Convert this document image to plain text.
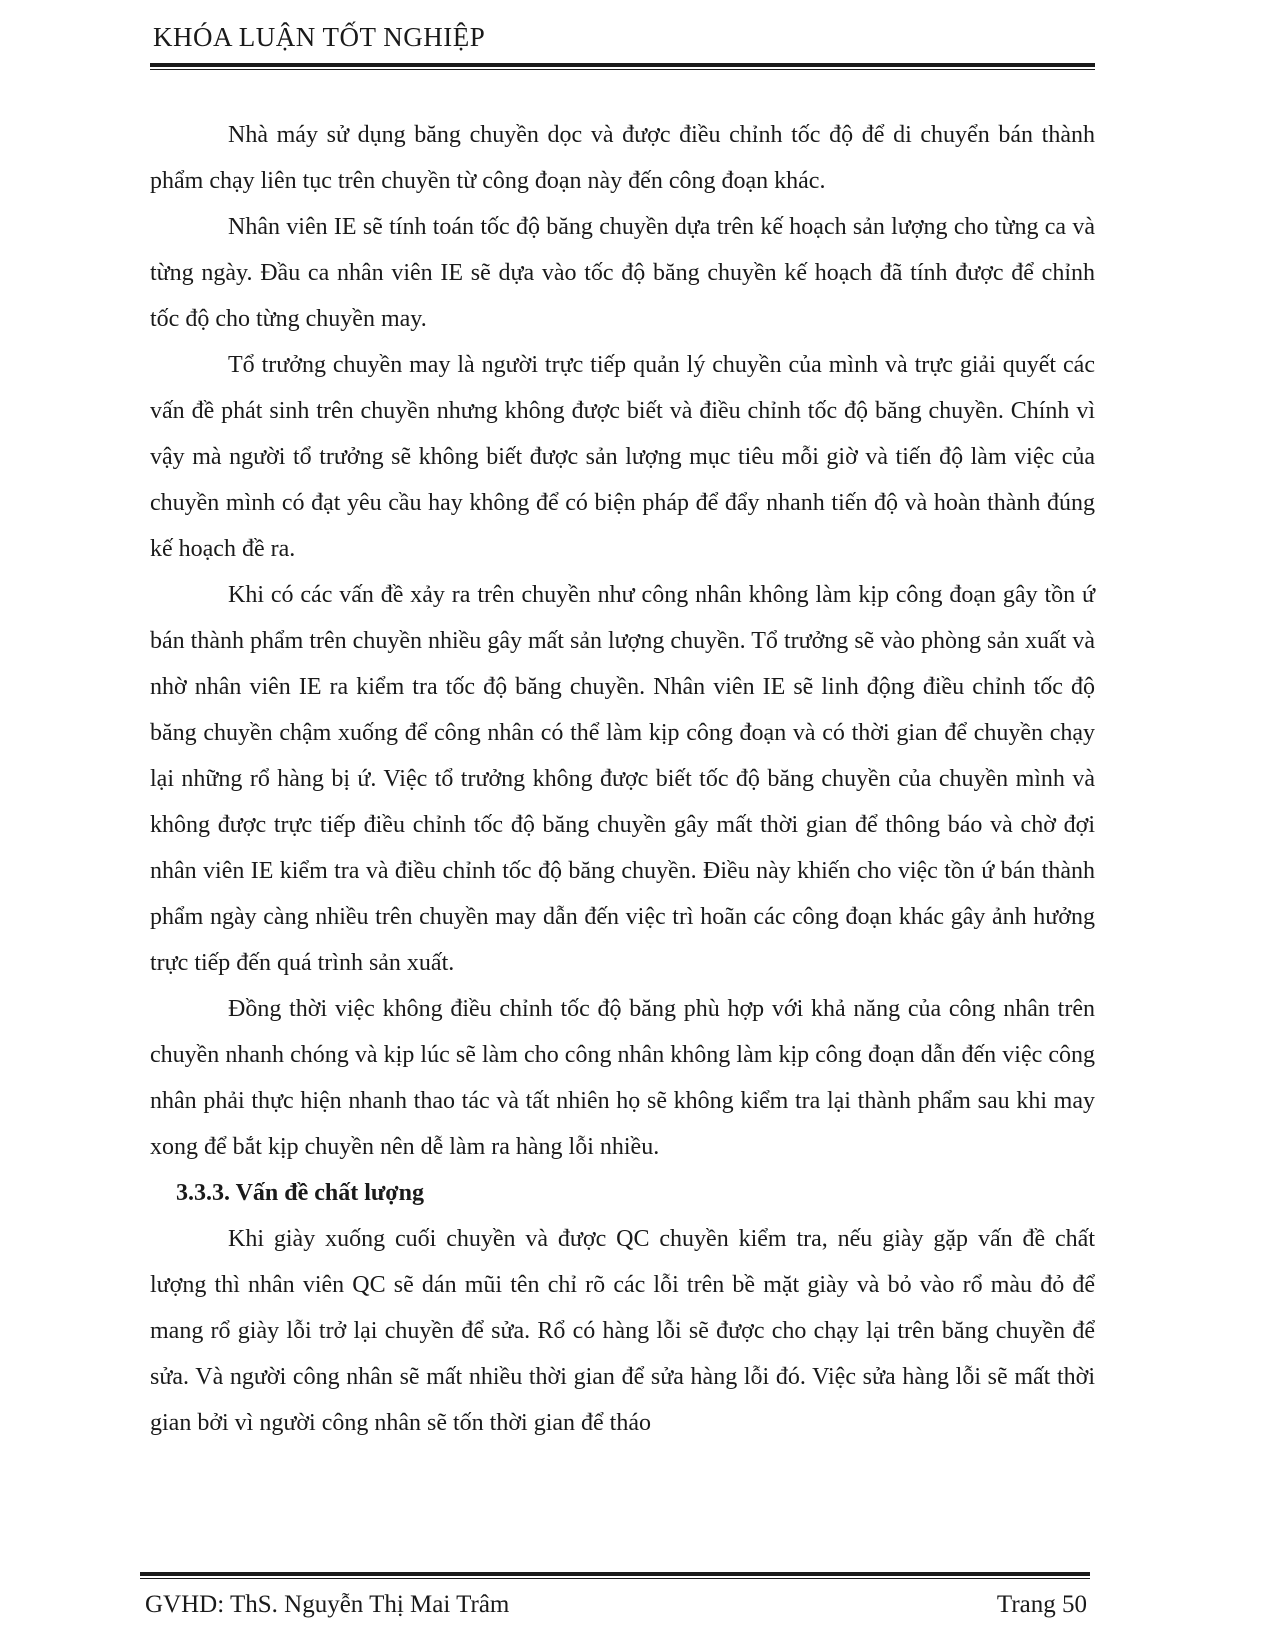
KHÓA LUẬN TỐT NGHIỆP

Nhà máy sử dụng băng chuyền dọc và được điều chỉnh tốc độ để di chuyển bán thành phẩm chạy liên tục trên chuyền từ công đoạn này đến công đoạn khác.

Nhân viên IE sẽ tính toán tốc độ băng chuyền dựa trên kế hoạch sản lượng cho từng ca và từng ngày. Đầu ca nhân viên IE sẽ dựa vào tốc độ băng chuyền kế hoạch đã tính được để chỉnh tốc độ cho từng chuyền may.

Tổ trưởng chuyền may là người trực tiếp quản lý chuyền của mình và trực giải quyết các vấn đề phát sinh trên chuyền nhưng không được biết và điều chỉnh tốc độ băng chuyền. Chính vì vậy mà người tổ trưởng sẽ không biết được sản lượng mục tiêu mỗi giờ và tiến độ làm việc của chuyền mình có đạt yêu cầu hay không để có biện pháp để đẩy nhanh tiến độ và hoàn thành đúng kế hoạch đề ra.

Khi có các vấn đề xảy ra trên chuyền như công nhân không làm kịp công đoạn gây tồn ứ bán thành phẩm trên chuyền nhiều gây mất sản lượng chuyền. Tổ trưởng sẽ vào phòng sản xuất và nhờ nhân viên IE ra kiểm tra tốc độ băng chuyền. Nhân viên IE sẽ linh động điều chỉnh tốc độ băng chuyền chậm xuống để công nhân có thể làm kịp công đoạn và có thời gian để chuyền chạy lại những rổ hàng bị ứ. Việc tổ trưởng không được biết tốc độ băng chuyền của chuyền mình và không được trực tiếp điều chỉnh tốc độ băng chuyền gây mất thời gian để thông báo và chờ đợi nhân viên IE kiểm tra và điều chỉnh tốc độ băng chuyền. Điều này khiến cho việc tồn ứ bán thành phẩm ngày càng nhiều trên chuyền may dẫn đến việc trì hoãn các công đoạn khác gây ảnh hưởng trực tiếp đến quá trình sản xuất.

Đồng thời việc không điều chỉnh tốc độ băng phù hợp với khả năng của công nhân trên chuyền nhanh chóng và kịp lúc sẽ làm cho công nhân không làm kịp công đoạn dẫn đến việc công nhân phải thực hiện nhanh thao tác và tất nhiên họ sẽ không kiểm tra lại thành phẩm sau khi may xong để bắt kịp chuyền nên dễ làm ra hàng lỗi nhiều.

3.3.3. Vấn đề chất lượng

Khi giày xuống cuối chuyền và được QC chuyền kiểm tra, nếu giày gặp vấn đề chất lượng thì nhân viên QC sẽ dán mũi tên chỉ rõ các lỗi trên bề mặt giày và bỏ vào rổ màu đỏ để mang rổ giày lỗi trở lại chuyền để sửa. Rổ có hàng lỗi sẽ được cho chạy lại trên băng chuyền để sửa. Và người công nhân sẽ mất nhiều thời gian để sửa hàng lỗi đó. Việc sửa hàng lỗi sẽ mất thời gian bởi vì người công nhân sẽ tốn thời gian để tháo

GVHD: ThS. Nguyễn Thị Mai Trâm	Trang 50
